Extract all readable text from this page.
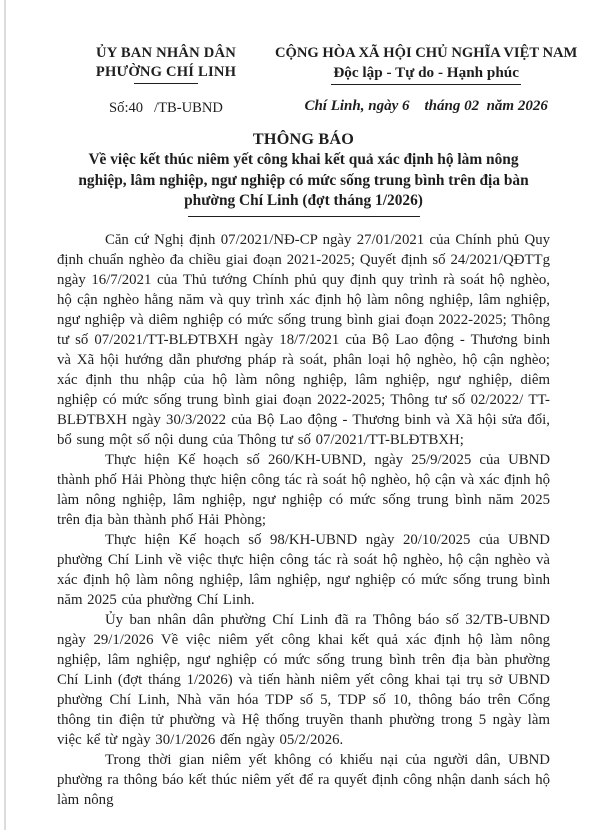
ỦY BAN NHÂN DÂN
PHƯỜNG CHÍ LINH
Số:40   /TB-UBND
CỘNG HÒA XÃ HỘI CHỦ NGHĨA VIỆT NAM
Độc lập - Tự do - Hạnh phúc
Chí Linh, ngày 6    tháng 02  năm 2026
THÔNG BÁO
Về việc kết thúc niêm yết công khai kết quả xác định hộ làm nông nghiệp, lâm nghiệp, ngư nghiệp có mức sống trung bình trên địa bàn phường Chí Linh (đợt tháng 1/2026)

Căn cứ Nghị định 07/2021/NĐ-CP ngày 27/01/2021 của Chính phủ Quy định chuẩn nghèo đa chiều giai đoạn 2021-2025; Quyết định số 24/2021/QĐTTg ngày 16/7/2021 của Thủ tướng Chính phủ quy định quy trình rà soát hộ nghèo, hộ cận nghèo hằng năm và quy trình xác định hộ làm nông nghiệp, lâm nghiệp, ngư nghiệp và diêm nghiệp có mức sống trung bình giai đoạn 2022-2025; Thông tư số 07/2021/TT-BLĐTBXH ngày 18/7/2021 của Bộ Lao động - Thương binh và Xã hội hướng dẫn phương pháp rà soát, phân loại hộ nghèo, hộ cận nghèo; xác định thu nhập của hộ làm nông nghiệp, lâm nghiệp, ngư nghiệp, diêm nghiệp có mức sống trung bình giai đoạn 2022-2025; Thông tư số 02/2022/ TT-BLĐTBXH ngày 30/3/2022 của Bộ Lao động - Thương binh và Xã hội sửa đổi, bổ sung một số nội dung của Thông tư số 07/2021/TT-BLĐTBXH;

Thực hiện Kế hoạch số 260/KH-UBND, ngày 25/9/2025 của UBND thành phố Hải Phòng thực hiện công tác rà soát hộ nghèo, hộ cận và xác định hộ làm nông nghiệp, lâm nghiệp, ngư nghiệp có mức sống trung bình năm 2025 trên địa bàn thành phố Hải Phòng;

Thực hiện Kế hoạch số 98/KH-UBND ngày 20/10/2025 của UBND phường Chí Linh về việc thực hiện công tác rà soát hộ nghèo, hộ cận nghèo và xác định hộ làm nông nghiệp, lâm nghiệp, ngư nghiệp có mức sống trung bình năm 2025 của phường Chí Linh.

Ủy ban nhân dân phường Chí Linh đã ra Thông báo số 32/TB-UBND ngày 29/1/2026 Về việc niêm yết công khai kết quả xác định hộ làm nông nghiệp, lâm nghiệp, ngư nghiệp có mức sống trung bình trên địa bàn phường Chí Linh (đợt tháng 1/2026) và tiến hành niêm yết công khai tại trụ sở UBND phường Chí Linh, Nhà văn hóa TDP số 5, TDP số 10, thông báo trên Cổng thông tin điện tử phường và Hệ thống truyền thanh phường trong 5 ngày làm việc kể từ ngày 30/1/2026 đến ngày 05/2/2026.

Trong thời gian niêm yết không có khiếu nại của người dân, UBND phường ra thông báo kết thúc niêm yết để ra quyết định công nhận danh sách hộ làm nông
